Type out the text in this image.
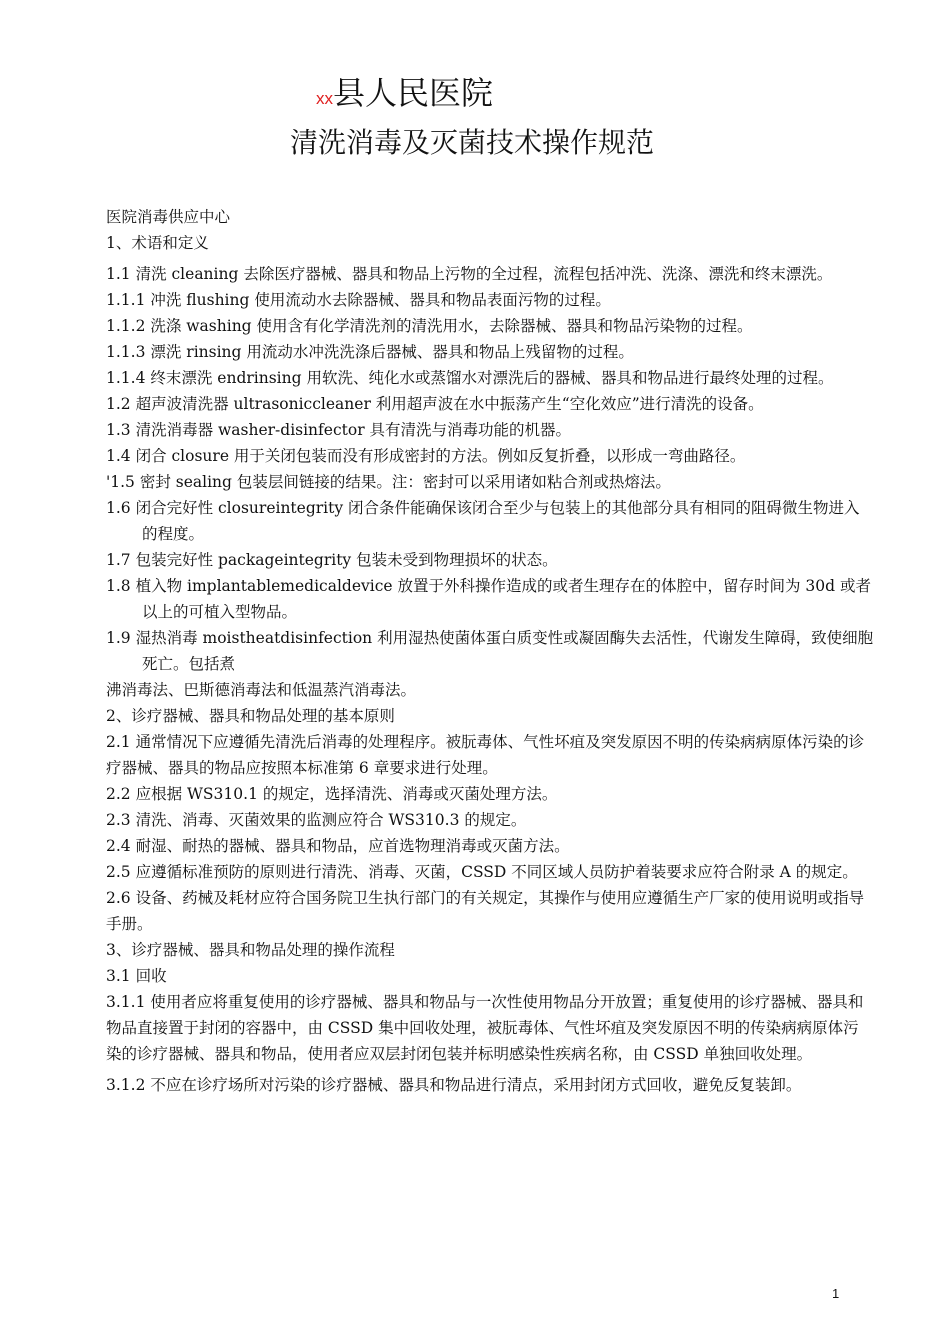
xx县人民医院
清洗消毒及灭菌技术操作规范

医院消毒供应中心

1、术语和定义

1.1 清洗 cleaning 去除医疗器械、器具和物品上污物的全过程，流程包括冲洗、洗涤、漂洗和终末漂洗。

1.1.1 冲洗 flushing 使用流动水去除器械、器具和物品表面污物的过程。

1.1.2 洗涤 washing 使用含有化学清洗剂的清洗用水，去除器械、器具和物品污染物的过程。

1.1.3 漂洗 rinsing 用流动水冲洗洗涤后器械、器具和物品上残留物的过程。

1.1.4 终末漂洗 endrinsing 用软洗、纯化水或蒸馏水对漂洗后的器械、器具和物品进行最终处理的过程。

1.2 超声波清洗器 ultrasoniccleaner 利用超声波在水中振荡产生“空化效应”进行清洗的设备。

1.3 清洗消毒器 washer-disinfector 具有清洗与消毒功能的机器。

1.4 闭合 closure 用于关闭包装而没有形成密封的方法。例如反复折叠，以形成一弯曲路径。

'1.5 密封 sealing 包装层间链接的结果。注：密封可以采用诸如粘合剂或热熔法。

1.6 闭合完好性 closureintegrity 闭合条件能确保该闭合至少与包装上的其他部分具有相同的阻碍微生物进入的程度。

1.7 包装完好性 packageintegrity 包装未受到物理损坏的状态。

1.8 植入物 implantablemedicaldevice 放置于外科操作造成的或者生理存在的体腔中，留存时间为 30d 或者以上的可植入型物品。

1.9 湿热消毒 moistheatdisinfection 利用湿热使菌体蛋白质变性或凝固酶失去活性，代谢发生障碍，致使细胞死亡。包括煮

沸消毒法、巴斯德消毒法和低温蒸汽消毒法。

2、诊疗器械、器具和物品处理的基本原则

2.1 通常情况下应遵循先清洗后消毒的处理程序。被朊毒体、气性坏疽及突发原因不明的传染病病原体污染的诊疗器械、器具的物品应按照本标准第 6 章要求进行处理。

2.2 应根据 WS310.1 的规定，选择清洗、消毒或灭菌处理方法。

2.3 清洗、消毒、灭菌效果的监测应符合 WS310.3 的规定。

2.4 耐湿、耐热的器械、器具和物品，应首选物理消毒或灭菌方法。

2.5 应遵循标准预防的原则进行清洗、消毒、灭菌，CSSD 不同区域人员防护着装要求应符合附录 A 的规定。

2.6 设备、药械及耗材应符合国务院卫生执行部门的有关规定，其操作与使用应遵循生产厂家的使用说明或指导手册。

3、诊疗器械、器具和物品处理的操作流程

3.1 回收

3.1.1 使用者应将重复使用的诊疗器械、器具和物品与一次性使用物品分开放置；重复使用的诊疗器械、器具和物品直接置于封闭的容器中，由 CSSD 集中回收处理，被朊毒体、气性坏疽及突发原因不明的传染病病原体污染的诊疗器械、器具和物品，使用者应双层封闭包装并标明感染性疾病名称，由 CSSD 单独回收处理。

3.1.2 不应在诊疗场所对污染的诊疗器械、器具和物品进行清点，采用封闭方式回收，避免反复装卸。

1
